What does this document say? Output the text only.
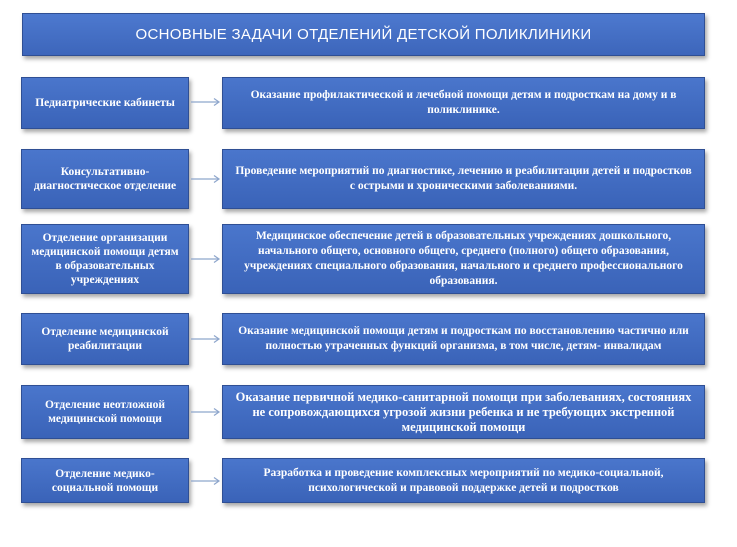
ОСНОВНЫЕ ЗАДАЧИ ОТДЕЛЕНИЙ ДЕТСКОЙ ПОЛИКЛИНИКИ
Педиатрические кабинеты
Оказание профилактической и лечебной помощи детям и подросткам на дому и в поликлинике.
Консультативно-диагностическое отделение
Проведение мероприятий по диагностике, лечению и реабилитации детей и подростков с острыми и хроническими заболеваниями.
Отделение организации медицинской помощи детям в образовательных учреждениях
Медицинское обеспечение детей в образовательных учреждениях дошкольного, начального общего, основного общего, среднего (полного) общего образования, учреждениях специального образования, начального и среднего профессионального образования.
Отделение медицинской реабилитации
Оказание медицинской помощи детям и подросткам по восстановлению частично или полностью утраченных функций организма, в том числе, детям- инвалидам
Отделение неотложной медицинской помощи
Оказание первичной медико-санитарной помощи при заболеваниях, состояниях не сопровождающихся угрозой жизни ребенка и не требующих экстренной медицинской помощи
Отделение медико-социальной помощи
Разработка и проведение комплексных мероприятий по медико-социальной, психологической и правовой поддержке детей и подростков
